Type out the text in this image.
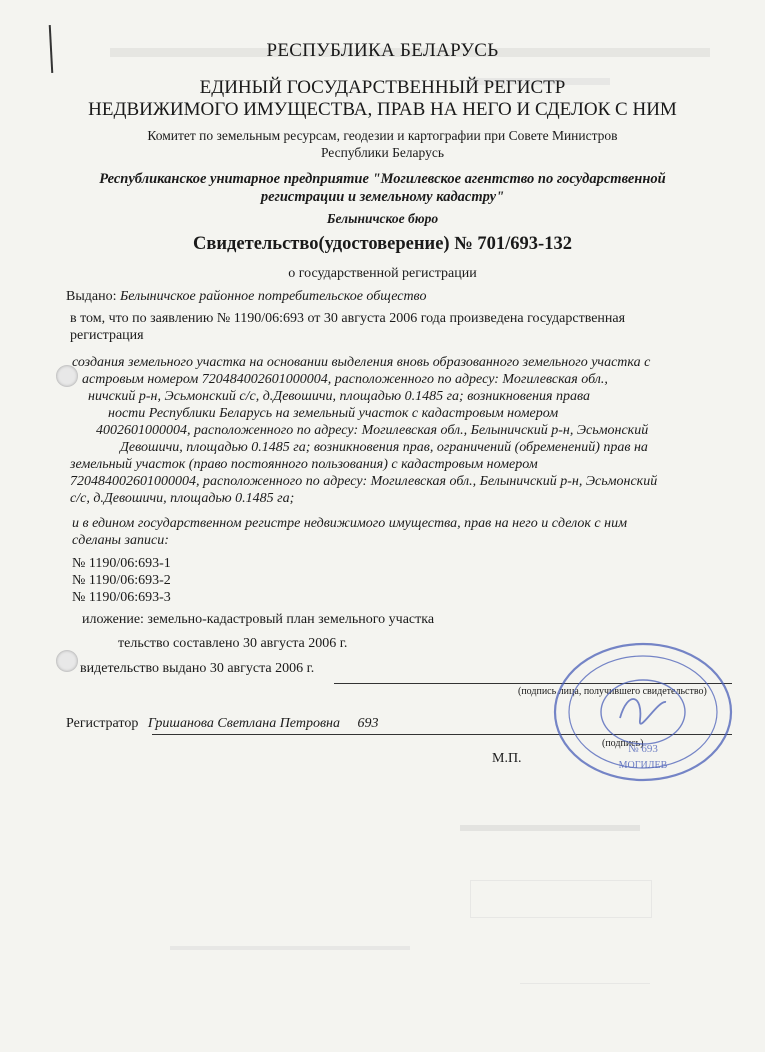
РЕСПУБЛИКА БЕЛАРУСЬ
ЕДИНЫЙ ГОСУДАРСТВЕННЫЙ РЕГИСТР
НЕДВИЖИМОГО ИМУЩЕСТВА, ПРАВ НА НЕГО И СДЕЛОК С НИМ
Комитет по земельным ресурсам, геодезии и картографии при Совете Министров
Республики Беларусь
Республиканское унитарное предприятие "Могилевское агентство по государственной
регистрации и земельному кадастру"
Белыничское бюро
Свидетельство(удостоверение) № 701/693-132
о государственной регистрации
Выдано: Белыничское районное потребительское общество
в том, что по заявлению № 1190/06:693 от 30 августа 2006 года произведена государственная
регистрация
создания земельного участка на основании выделения вновь образованного земельного участка с
астровым номером 720484002601000004, расположенного по адресу: Могилевская обл.,
ничский р-н, Эсьмонский с/с, д.Девошичи, площадью 0.1485 га; возникновения права
ности Республики Беларусь на земельный участок с кадастровым номером
4002601000004, расположенного по адресу: Могилевская обл., Белыничский р-н, Эсьмонский
Девошичи, площадью 0.1485 га; возникновения прав, ограничений (обременений) прав на
земельный участок (право постоянного пользования) с кадастровым номером
720484002601000004, расположенного по адресу: Могилевская обл., Белыничский р-н, Эсьмонский
с/с, д.Девошичи, площадью 0.1485 га;
и в едином государственном регистре недвижимого имущества, прав на него и сделок с ним
сделаны записи:
№ 1190/06:693-1
№ 1190/06:693-2
№ 1190/06:693-3
иложение: земельно-кадастровый план земельного участка
тельство составлено 30 августа 2006 г.
видетельство выдано 30 августа 2006 г.
(подпись лица, получившего свидетельство)
Регистратор Гришанова Светлана Петровна 693
(подпись)
М.П.
№ 693
МОГИЛЕВ
